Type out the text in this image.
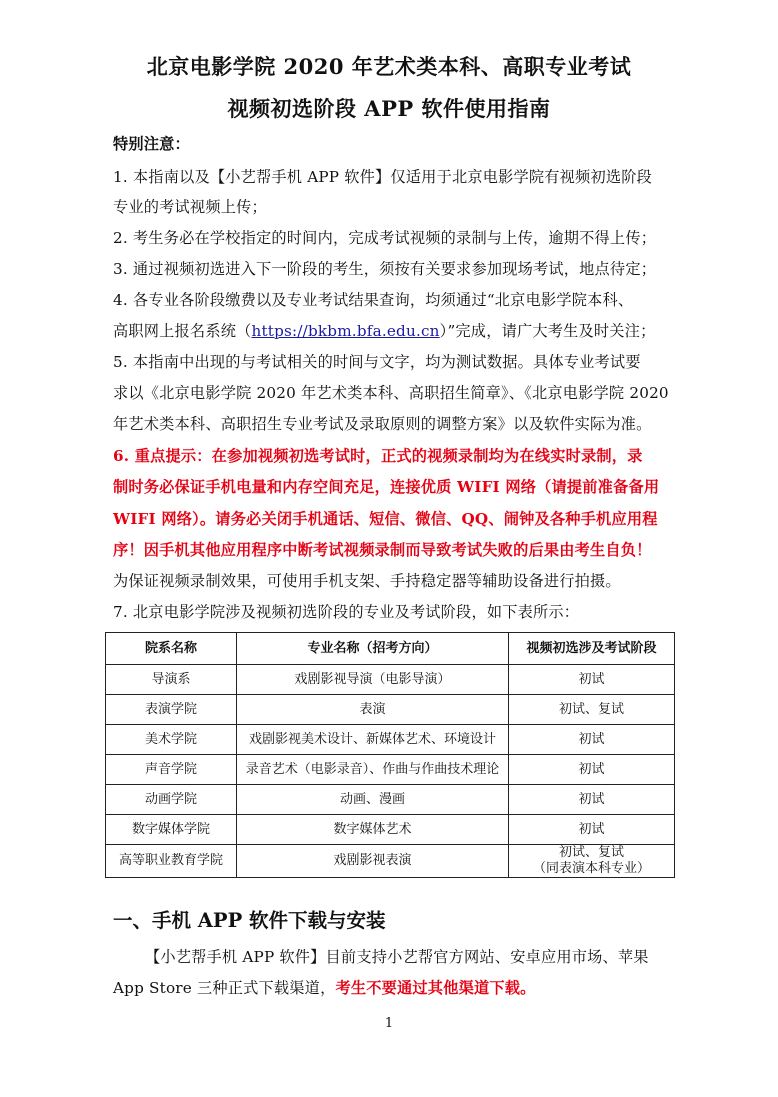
北京电影学院 2020 年艺术类本科、高职专业考试
视频初选阶段 APP 软件使用指南
特别注意：
1. 本指南以及【小艺帮手机 APP 软件】仅适用于北京电影学院有视频初选阶段
专业的考试视频上传；
2. 考生务必在学校指定的时间内，完成考试视频的录制与上传，逾期不得上传；
3. 通过视频初选进入下一阶段的考生，须按有关要求参加现场考试，地点待定；
4. 各专业各阶段缴费以及专业考试结果查询，均须通过“北京电影学院本科、
高职网上报名系统（https://bkbm.bfa.edu.cn）”完成，请广大考生及时关注；
5. 本指南中出现的与考试相关的时间与文字，均为测试数据。具体专业考试要
求以《北京电影学院 2020 年艺术类本科、高职招生简章》、《北京电影学院 2020
年艺术类本科、高职招生专业考试及录取原则的调整方案》以及软件实际为准。
6. 重点提示：在参加视频初选考试时，正式的视频录制均为在线实时录制，录
制时务必保证手机电量和内存空间充足，连接优质 WIFI 网络（请提前准备备用
WIFI 网络）。请务必关闭手机通话、短信、微信、QQ、闹钟及各种手机应用程
序！因手机其他应用程序中断考试视频录制而导致考试失败的后果由考生自负！
为保证视频录制效果，可使用手机支架、手持稳定器等辅助设备进行拍摄。
7. 北京电影学院涉及视频初选阶段的专业及考试阶段，如下表所示：
院系名称	专业名称（招考方向）	视频初选涉及考试阶段
导演系	戏剧影视导演（电影导演）	初试
表演学院	表演	初试、复试
美术学院	戏剧影视美术设计、新媒体艺术、环境设计	初试
声音学院	录音艺术（电影录音）、作曲与作曲技术理论	初试
动画学院	动画、漫画	初试
数字媒体学院	数字媒体艺术	初试
高等职业教育学院	戏剧影视表演	初试、复试
（同表演本科专业）
一、手机 APP 软件下载与安装
【小艺帮手机 APP 软件】目前支持小艺帮官方网站、安卓应用市场、苹果
App Store 三种正式下载渠道，考生不要通过其他渠道下载。
1
